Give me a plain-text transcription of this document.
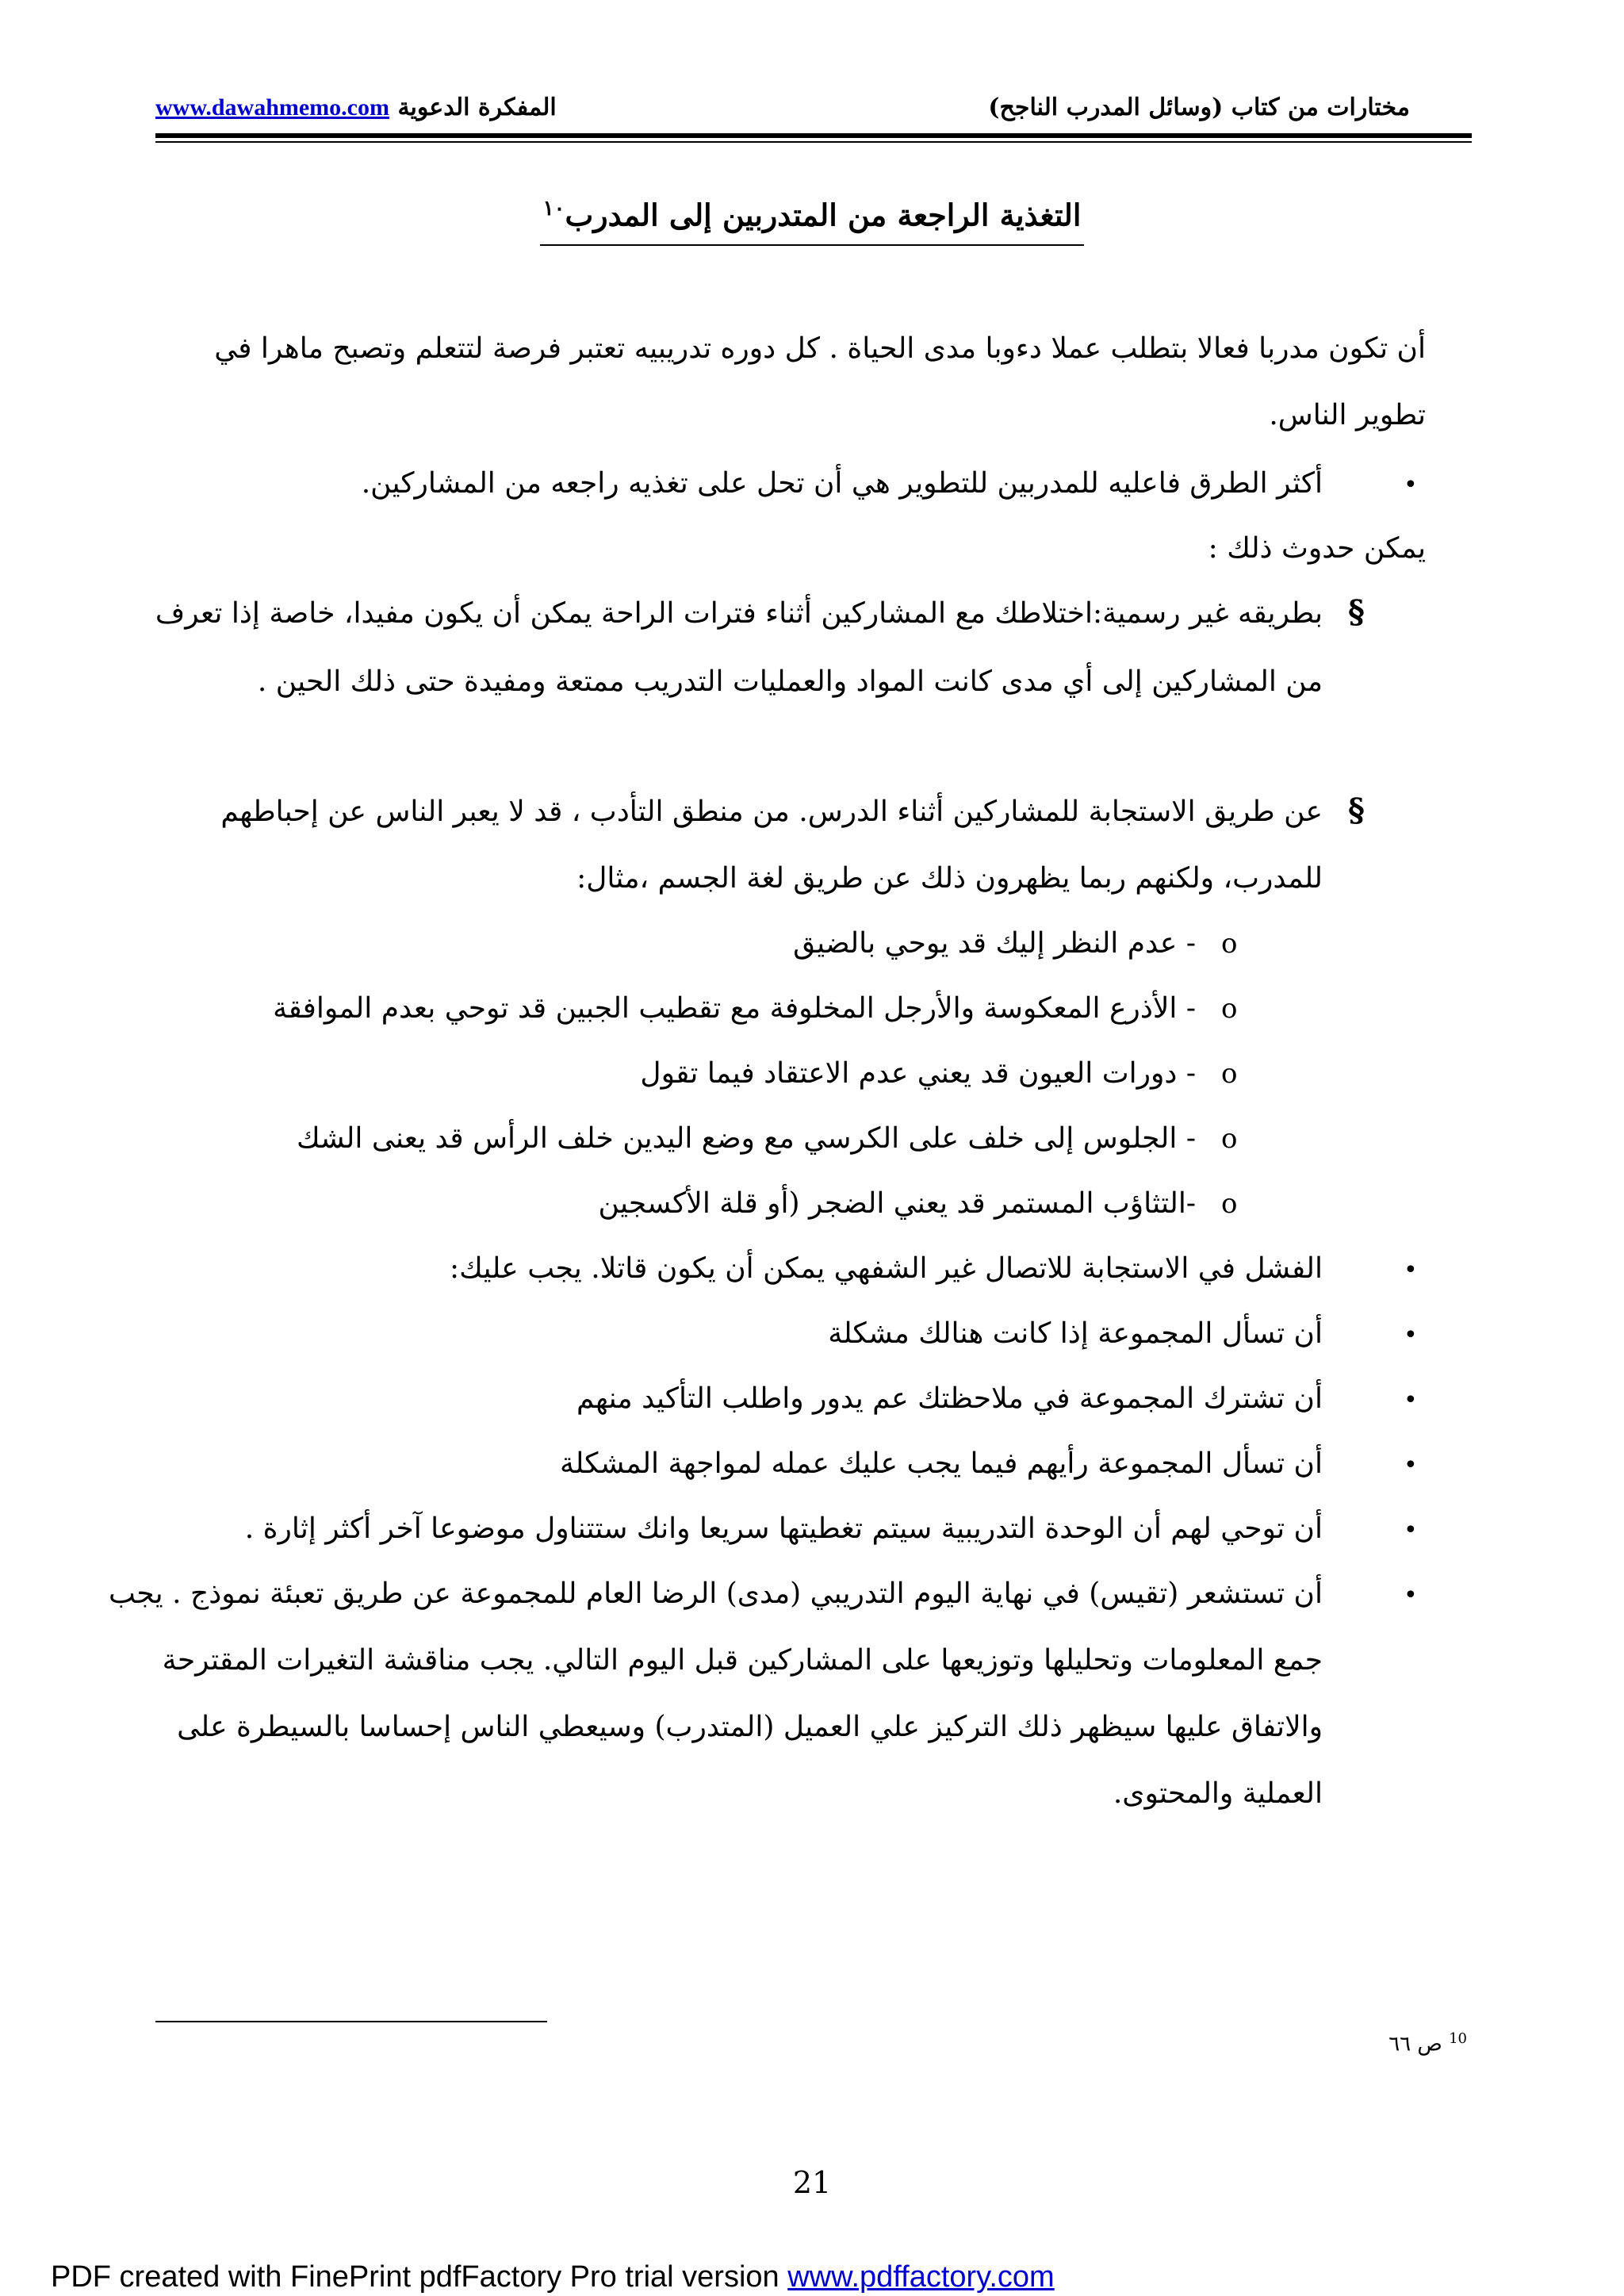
مختارات من كتاب (وسائل المدرب الناجح)
المفكرة الدعوية www.dawahmemo.com
التغذية الراجعة من المتدربين إلى المدرب$^{١٠}$
أن تكون مدربا فعالا بتطلب عملا دءوبا مدى الحياة . كل دوره تدريبيه تعتبر فرصة لتتعلم وتصبح ماهرا في
تطوير الناس.
•
أكثر الطرق فاعليه للمدربين للتطوير هي أن تحل على تغذيه راجعه من المشاركين.
يمكن حدوث ذلك :
§
بطريقه غير رسمية:اختلاطك مع المشاركين أثناء فترات الراحة يمكن أن يكون مفيدا، خاصة إذا تعرف
من المشاركين إلى أي مدى كانت المواد والعمليات التدريب ممتعة ومفيدة حتى ذلك الحين .
§
عن طريق الاستجابة للمشاركين أثناء الدرس. من منطق التأدب ، قد لا يعبر الناس عن إحباطهم
للمدرب، ولكنهم ربما يظهرون ذلك عن طريق لغة الجسم ،مثال:
o
- عدم النظر إليك قد يوحي بالضيق
o
- الأذرع المعكوسة والأرجل المخلوفة مع تقطيب الجبين قد توحي بعدم الموافقة
o
- دورات العيون قد يعني عدم الاعتقاد فيما تقول
o
- الجلوس إلى خلف على الكرسي مع وضع اليدين خلف الرأس قد يعنى الشك
o
-التثاؤب المستمر قد يعني الضجر (أو قلة الأكسجين
•
الفشل في الاستجابة للاتصال غير الشفهي يمكن أن يكون قاتلا. يجب عليك:
•
أن تسأل المجموعة إذا كانت هنالك مشكلة
•
أن تشترك المجموعة في ملاحظتك عم يدور واطلب التأكيد منهم
•
أن تسأل المجموعة رأيهم فيما يجب عليك عمله لمواجهة المشكلة
•
أن توحي لهم أن الوحدة التدريبية سيتم تغطيتها سريعا وانك ستتناول موضوعا آخر أكثر إثارة .
•
أن تستشعر (تقيس) في نهاية اليوم التدريبي (مدى) الرضا العام للمجموعة عن طريق تعبئة نموذج . يجب
جمع المعلومات وتحليلها وتوزيعها على المشاركين قبل اليوم التالي. يجب مناقشة التغيرات المقترحة
والاتفاق عليها سيظهر ذلك التركيز علي العميل (المتدرب) وسيعطي الناس إحساسا بالسيطرة على
العملية والمحتوى.
$^{10}$ ص ٦٦
21
PDF created with FinePrint pdfFactory Pro trial version www.pdffactory.com
